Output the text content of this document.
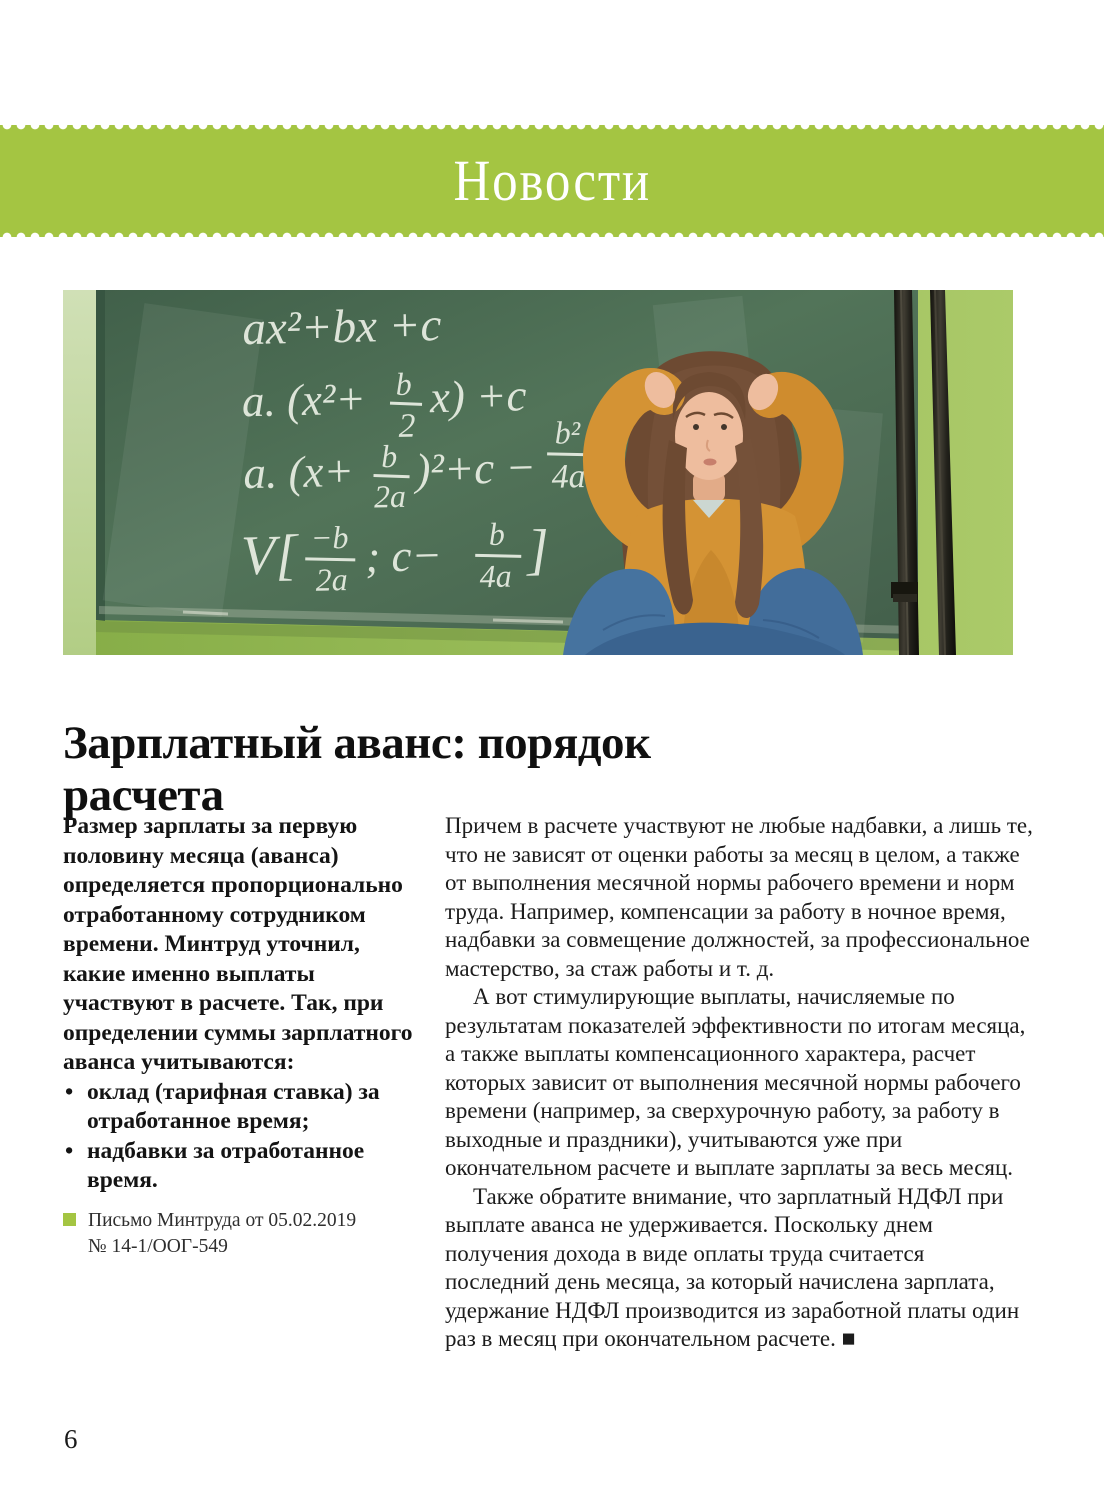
Новости
ax²+bx +c
a. (x²+ b
2
x) +c
a. (x+ b
2a
)²+c −
b²
4a
V[ −b
2a ; c− b
4a ]
Зарплатный аванс: порядок
расчета

Размер зарплаты за первую половину месяца (аванса) определяется пропорционально отработанному сотрудником времени. Минтруд уточнил, какие именно выплаты участвуют в расчете. Так, при определении суммы зарплатного аванса учитываются:

• оклад (тарифная ставка) за отработанное время;
• надбавки за отработанное время.
Письмо Минтруда от 05.02.2019
№ 14-1/ООГ-549

Причем в расчете участвуют не любые надбавки, а лишь те, что не зависят от оценки работы за месяц в целом, а также от выполнения месячной нормы рабочего времени и норм труда. Например, компенсации за работу в ночное время, надбавки за совмещение должностей, за профессиональное мастерство, за стаж работы и т. д.

А вот стимулирующие выплаты, начисляемые по результатам показателей эффективности по итогам месяца, а также выплаты компенсационного характера, расчет которых зависит от выполнения месячной нормы рабочего времени (например, за сверхурочную работу, за работу в выходные и праздники), учитываются уже при окончательном расчете и выплате зарплаты за весь месяц.

Также обратите внимание, что зарплатный НДФЛ при выплате аванса не удерживается. Поскольку днем получения дохода в виде оплаты труда считается последний день месяца, за который начислена зарплата, удержание НДФЛ производится из заработной платы один раз в месяц при окончательном расчете. ■

6
